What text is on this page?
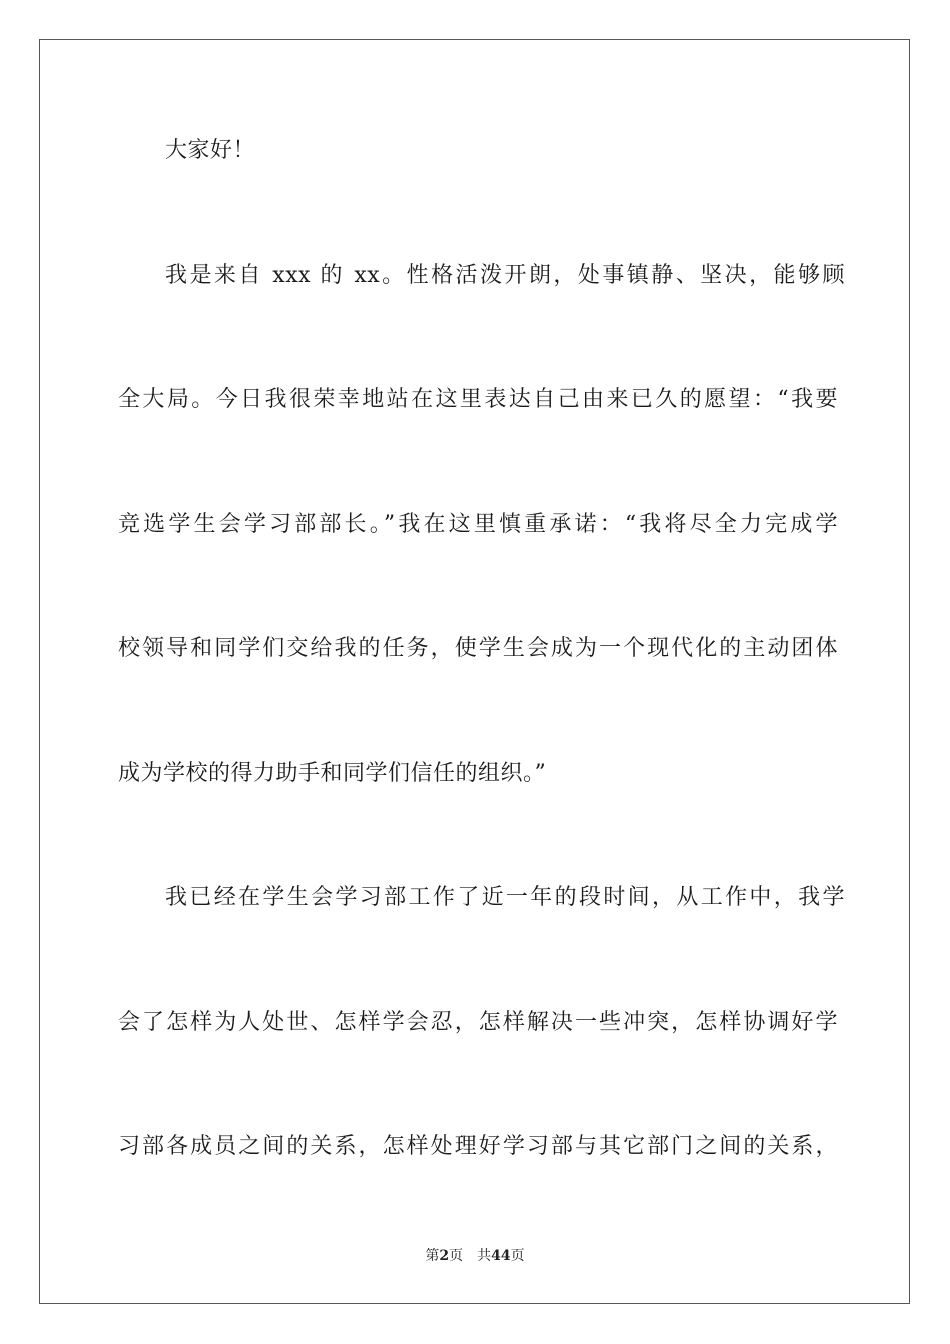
大家好！
我是来自 xxx 的 xx。性格活泼开朗，处事镇静、坚决，能够顾
全大局。今日我很荣幸地站在这里表达自己由来已久的愿望：“我要
竞选学生会学习部部长。”我在这里慎重承诺：“我将尽全力完成学
校领导和同学们交给我的任务，使学生会成为一个现代化的主动团体
成为学校的得力助手和同学们信任的组织。”
我已经在学生会学习部工作了近一年的段时间，从工作中，我学
会了怎样为人处世、怎样学会忍，怎样解决一些冲突，怎样协调好学
习部各成员之间的关系，怎样处理好学习部与其它部门之间的关系，
第2页 共44页
